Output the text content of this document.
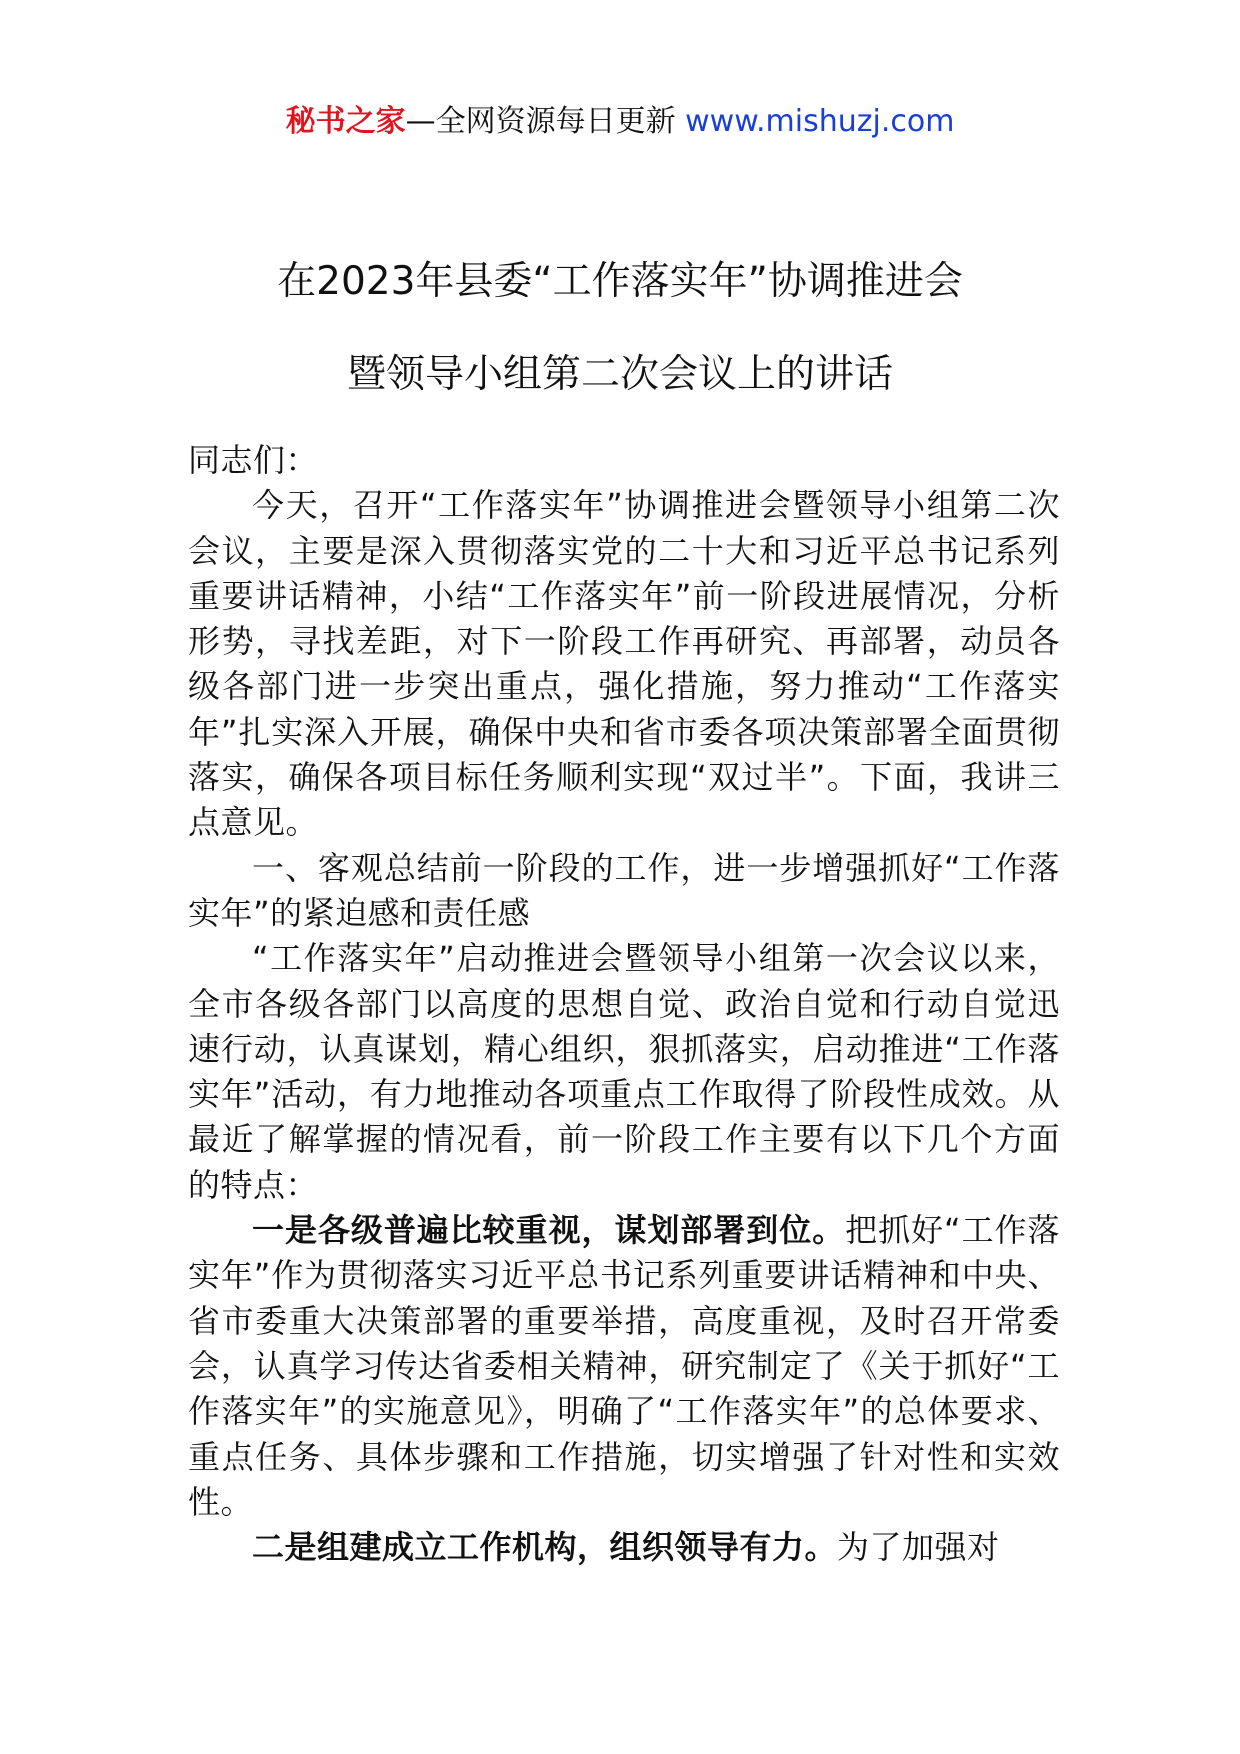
秘书之家—全网资源每日更新 www.mishuzj.com
在2023年县委“工作落实年”协调推进会
暨领导小组第二次会议上的讲话

同志们：

今天，召开“工作落实年”协调推进会暨领导小组第二次会议，主要是深入贯彻落实党的二十大和习近平总书记系列重要讲话精神，小结“工作落实年”前一阶段进展情况，分析形势，寻找差距，对下一阶段工作再研究、再部署，动员各级各部门进一步突出重点，强化措施，努力推动“工作落实年”扎实深入开展，确保中央和省市委各项决策部署全面贯彻落实，确保各项目标任务顺利实现“双过半”。下面，我讲三点意见。

一、客观总结前一阶段的工作，进一步增强抓好“工作落实年”的紧迫感和责任感

“工作落实年”启动推进会暨领导小组第一次会议以来，全市各级各部门以高度的思想自觉、政治自觉和行动自觉迅速行动，认真谋划，精心组织，狠抓落实，启动推进“工作落实年”活动，有力地推动各项重点工作取得了阶段性成效。从最近了解掌握的情况看，前一阶段工作主要有以下几个方面的特点：

一是各级普遍比较重视，谋划部署到位。把抓好“工作落实年”作为贯彻落实习近平总书记系列重要讲话精神和中央、省市委重大决策部署的重要举措，高度重视，及时召开常委会，认真学习传达省委相关精神，研究制定了《关于抓好“工作落实年”的实施意见》，明确了“工作落实年”的总体要求、重点任务、具体步骤和工作措施，切实增强了针对性和实效性。

二是组建成立工作机构，组织领导有力。为了加强对
